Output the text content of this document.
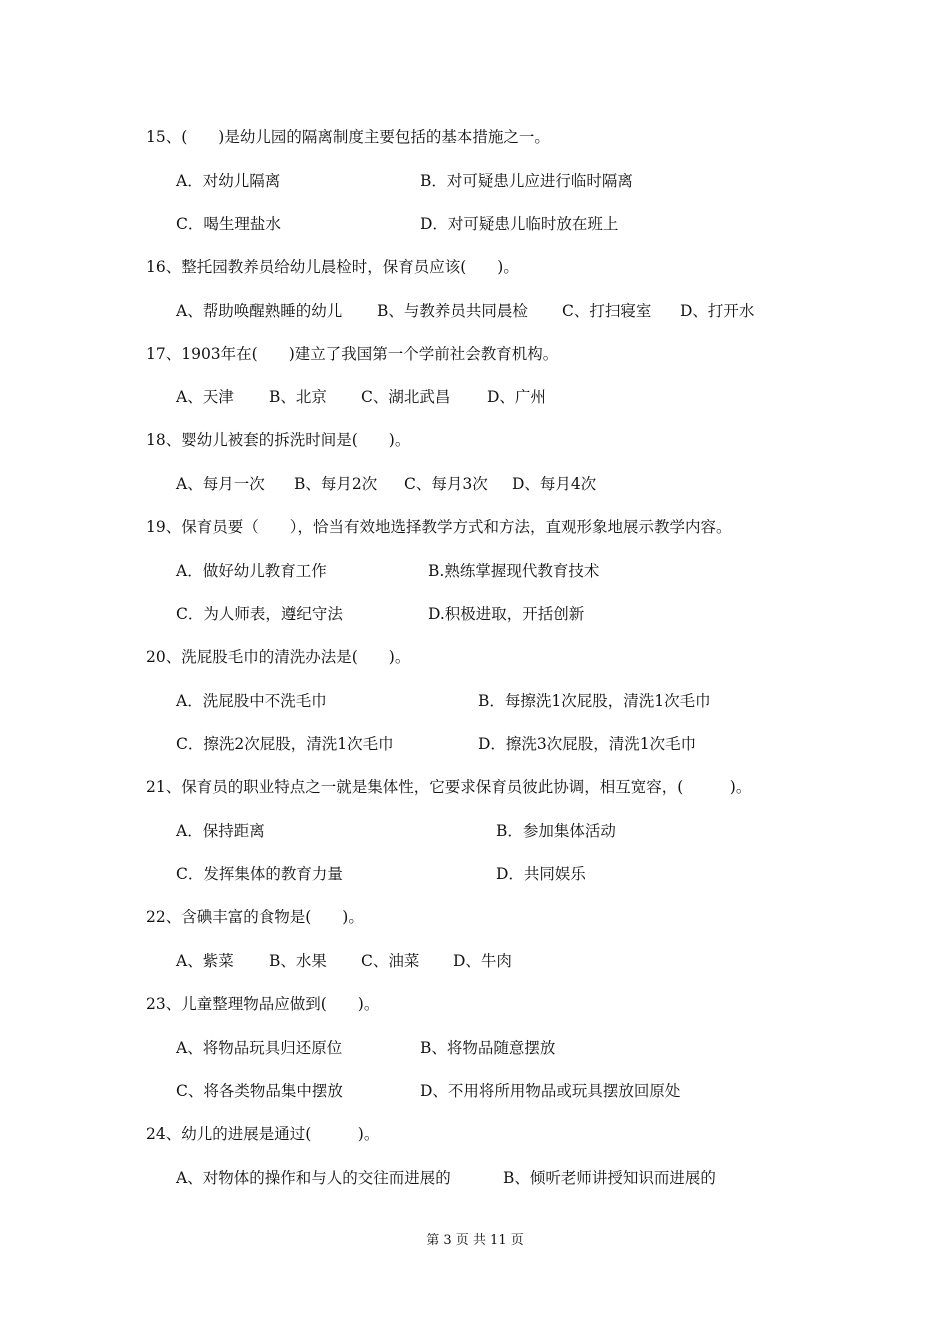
15、(　　)是幼儿园的隔离制度主要包括的基本措施之一。
A．对幼儿隔离	B．对可疑患儿应进行临时隔离
C．喝生理盐水	D．对可疑患儿临时放在班上
16、整托园教养员给幼儿晨检时，保育员应该(　　)。
A、帮助唤醒熟睡的幼儿 B、与教养员共同晨检 C、打扫寝室 D、打开水
17、1903年在(　　)建立了我国第一个学前社会教育机构。
A、天津 B、北京 C、湖北武昌 D、广州
18、婴幼儿被套的拆洗时间是(　　)。
A、每月一次 B、每月2次 C、每月3次 D、每月4次
19、保育员要（　　），恰当有效地选择教学方式和方法，直观形象地展示教学内容。
A．做好幼儿教育工作	B.熟练掌握现代教育技术
C．为人师表，遵纪守法	D.积极进取，开括创新
20、洗屁股毛巾的清洗办法是(　　)。
A．洗屁股中不洗毛巾	B．每擦洗1次屁股，清洗1次毛巾
C．擦洗2次屁股，清洗1次毛巾	D．擦洗3次屁股，清洗1次毛巾
21、保育员的职业特点之一就是集体性，它要求保育员彼此协调，相互宽容，(　　　)。
A．保持距离	B．参加集体活动
C．发挥集体的教育力量	D．共同娱乐
22、含碘丰富的食物是(　　)。
A、紫菜 B、水果 C、油菜 D、牛肉
23、儿童整理物品应做到(　　)。
A、将物品玩具归还原位	B、将物品随意摆放
C、将各类物品集中摆放	D、不用将所用物品或玩具摆放回原处
24、幼儿的进展是通过(　　　)。
A、对物体的操作和与人的交往而进展的	B、倾听老师讲授知识而进展的
第 3 页 共 11 页
